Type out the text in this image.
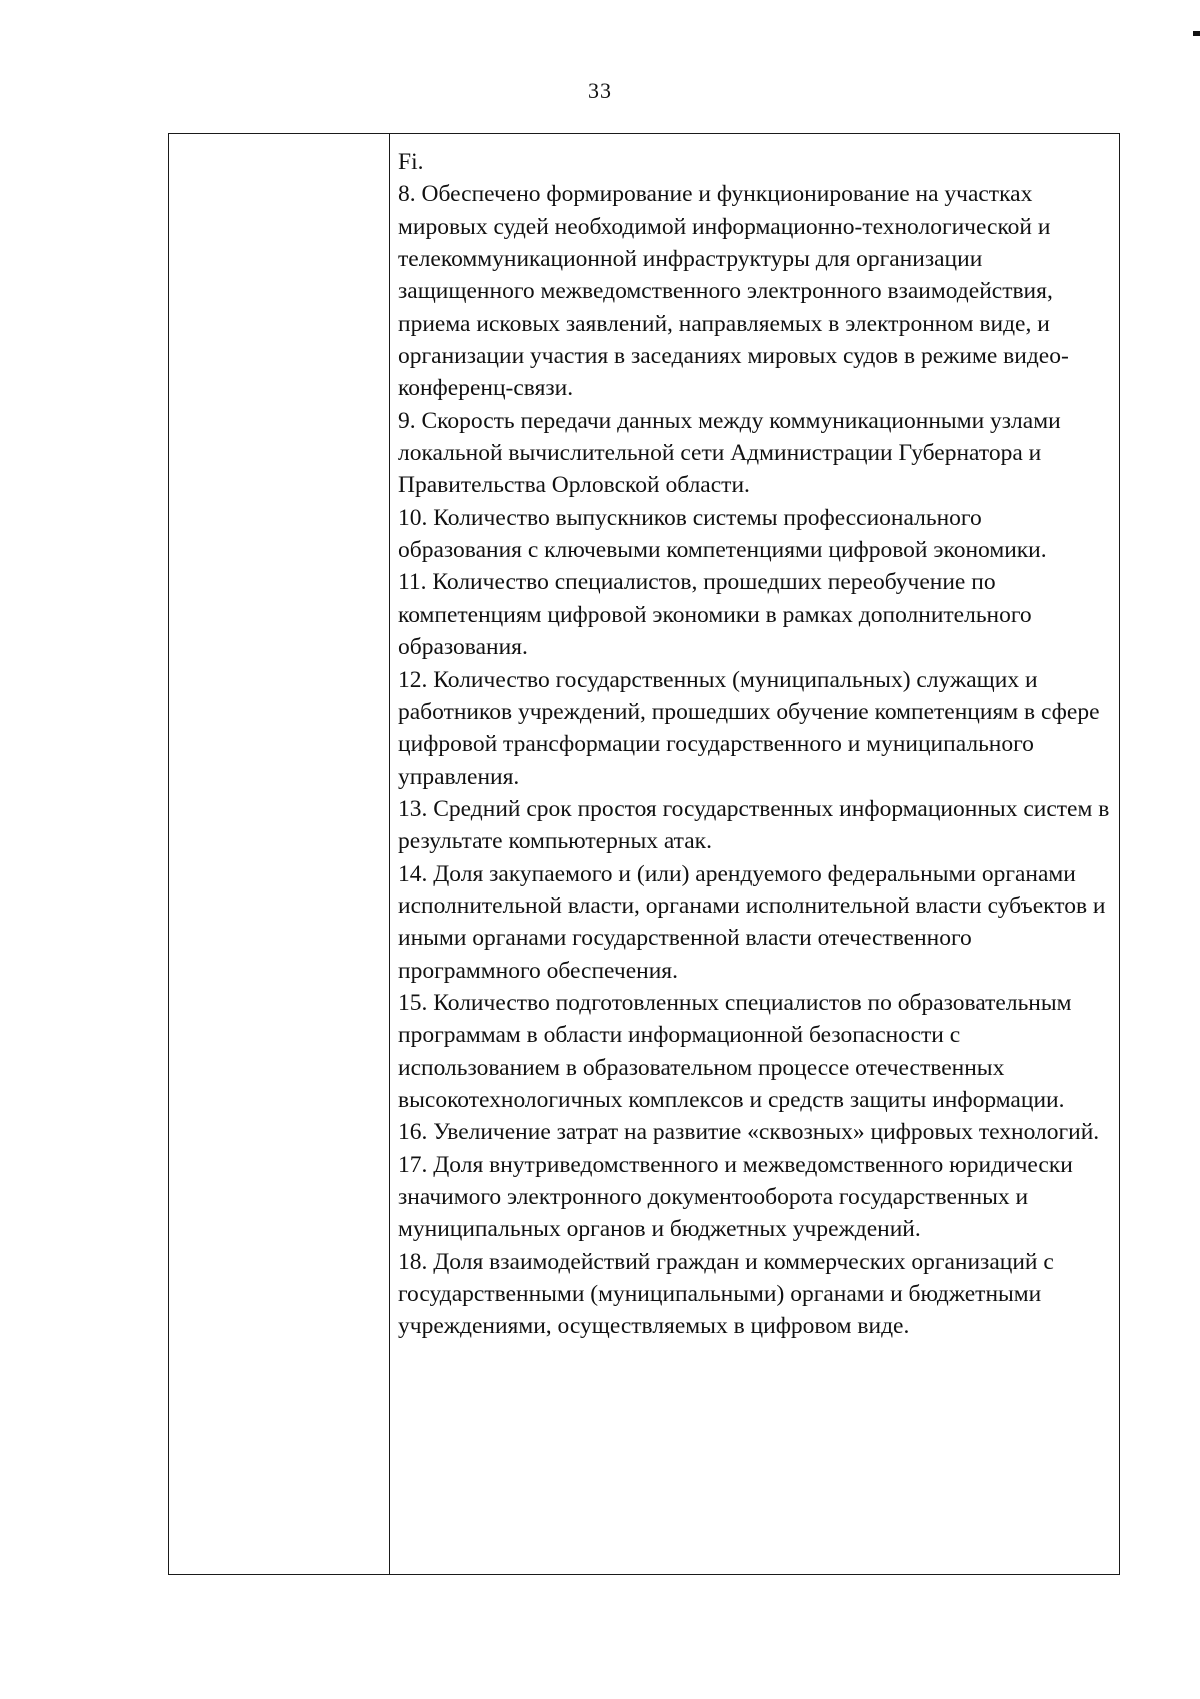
33

Fi.

8. Обеспечено формирование и функционирование на участках мировых судей необходимой информационно-технологической и телекоммуникационной инфраструктуры для организации защищенного межведомственного электронного взаимодействия, приема исковых заявлений, направляемых в электронном виде, и организации участия в заседаниях мировых судов в режиме видео-конференц-связи.

9. Скорость передачи данных между коммуникационными узлами локальной вычислительной сети Администрации Губернатора и Правительства Орловской области.

10. Количество выпускников системы профессионального образования с ключевыми компетенциями цифровой экономики.

11. Количество специалистов, прошедших переобучение по компетенциям цифровой экономики в рамках дополнительного образования.

12. Количество государственных (муниципальных) служащих и работников учреждений, прошедших обучение компетенциям в сфере цифровой трансформации государственного и муниципального управления.

13. Средний срок простоя государственных информационных систем в результате компьютерных атак.

14. Доля закупаемого и (или) арендуемого федеральными органами исполнительной власти, органами исполнительной власти субъектов и иными органами государственной власти отечественного программного обеспечения.

15. Количество подготовленных специалистов по образовательным программам в области информационной безопасности с использованием в образовательном процессе отечественных высокотехнологичных комплексов и средств защиты информации.

16. Увеличение затрат на развитие «сквозных» цифровых технологий.

17. Доля внутриведомственного и межведомственного юридически значимого электронного документооборота государственных и муниципальных органов и бюджетных учреждений.

18. Доля взаимодействий граждан и коммерческих организаций с государственными (муниципальными) органами и бюджетными учреждениями, осуществляемых в цифровом виде.
